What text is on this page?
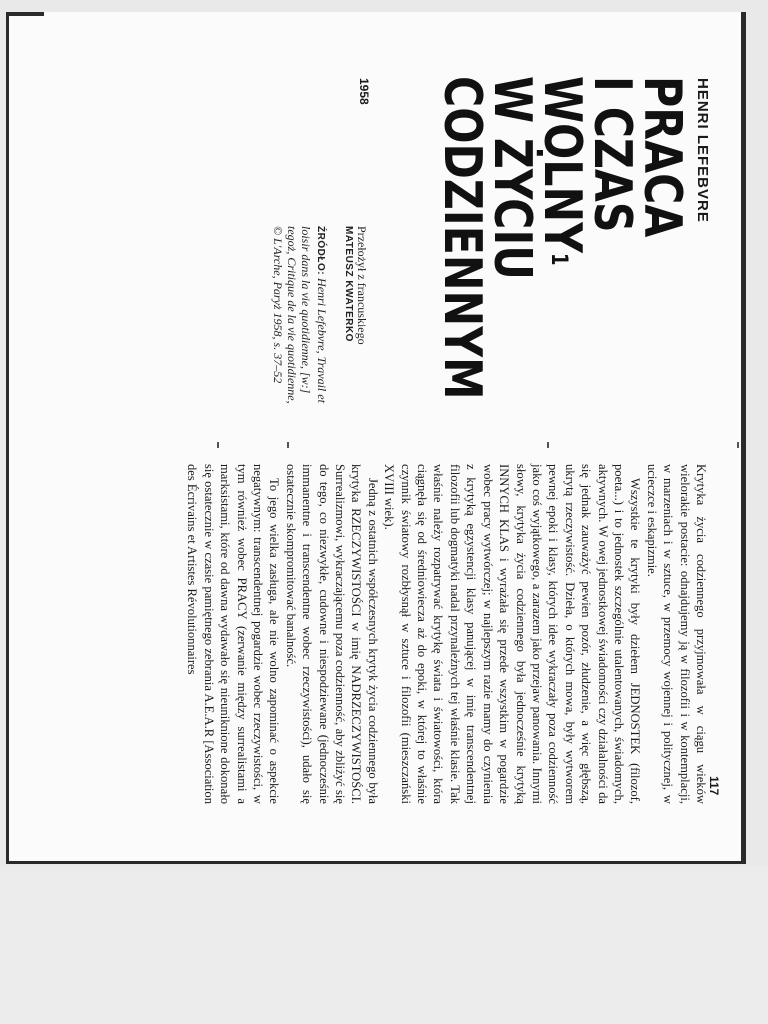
HENRI LEFEBVRE
PRACA
I CZAS
WOLNY$^1$
W ŻYCIU
CODZIENNYM
1958
Przełożył z francuskiego
MATEUSZ KWATERKO
ŹRÓDŁO: Henri Lefebvre, Travail et loisir dans la vie quotidienne, [w:] tegoż, Critique de la vie quotidienne, © L'Arche, Paryż 1958, s. 37–52

Krytyka życia codziennego przyjmowała w ciągu wieków wielorakie postacie: odnajdujemy ją w filozofii i w kontemplacji, w marzeniach i w sztuce, w przemocy wojennej i politycznej, w ucieczce i eskapizmie.

Wszystkie te krytyki były dziełem JEDNOSTEK (filozof, poeta...) i to jednostek szczególnie utalentowanych, świadomych, aktywnych. W owej jednostkowej świadomości czy działalności da się jednak zauważyć pewien pozór, złudzenie, a więc głębszą, ukrytą rzeczywistość. Dzieła, o których mowa, były wytworem pewnej epoki i klasy, których idee wykraczały poza codzienność jako coś wyjątkowego, a zarazem jako przejaw panowania. Innymi słowy, krytyka życia codziennego była jednocześnie krytyką INNYCH KLAS i wyrażała się przede wszystkim w pogardzie wobec pracy wytwórczej; w najlepszym razie mamy do czynienia z krytyką egzystencji klasy panującej w imię transcendentnej filozofii lub dogmatyki nadal przynależnych tej właśnie klasie. Tak właśnie należy rozpatrywać krytykę świata i światowości, która ciągnęła się od średniowiecza aż do epoki, w której to właśnie czynnik światowy rozbłysnął w sztuce i filozofii (mieszczański XVIII wiek).

Jedną z ostatnich współczesnych krytyk życia codziennego była krytyka RZECZYWISTOŚCI w imię NADRZECZYWISTOŚCI. Surrealizmowi, wykraczającemu poza codzienność, aby zbliżyć się do tego, co niezwykłe, cudowne i niespodziewane (jednocześnie immanentne i transcendentne wobec rzeczywistości), udało się ostatecznie skompromitować banalność.

To jego wielka zasługa, ale nie wolno zapominać o aspekcie negatywnym: transcendentnej pogardzie wobec rzeczywistości, w tym również wobec PRACY (zerwanie między surrealistami a marksistami, które od dawna wydawało się nieuniknione dokonało się ostatecznie w czasie pamiętnego zebrania A.E.A.R [Association des Écrivains et Artistes Révolutionnaires

117
